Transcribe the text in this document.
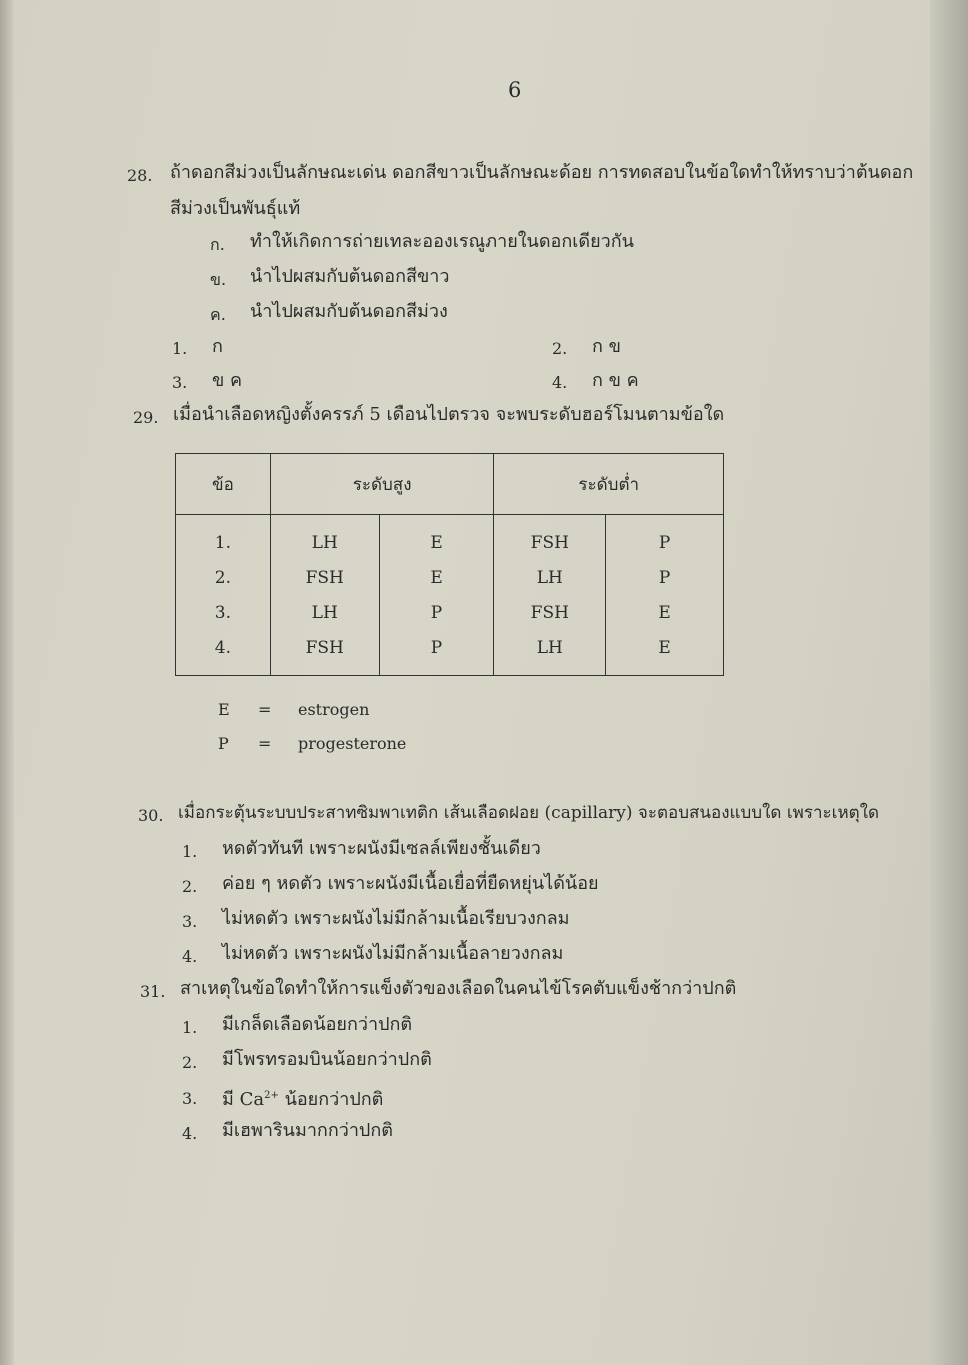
6
28. ถ้าดอกสีม่วงเป็นลักษณะเด่น ดอกสีขาวเป็นลักษณะด้อย การทดสอบในข้อใดทำให้ทราบว่าต้นดอก
สีม่วงเป็นพันธุ์แท้
ก. ทำให้เกิดการถ่ายเทละอองเรณูภายในดอกเดียวกัน
ข. นำไปผสมกับต้นดอกสีขาว
ค. นำไปผสมกับต้นดอกสีม่วง
1. ก	2. ก ข
3. ข ค	4. ก ข ค
29. เมื่อนำเลือดหญิงตั้งครรภ์ 5 เดือนไปตรวจ จะพบระดับฮอร์โมนตามข้อใด
ข้อ	ระดับสูง		ระดับต่ำ	
1.	LH	E	FSH	P
2.	FSH	E	LH	P
3.	LH	P	FSH	E
4.	FSH	P	LH	E
E = estrogen
P = progesterone
30. เมื่อกระตุ้นระบบประสาทซิมพาเทติก เส้นเลือดฝอย (capillary) จะตอบสนองแบบใด เพราะเหตุใด
1. หดตัวทันที เพราะผนังมีเซลล์เพียงชั้นเดียว
2. ค่อย ๆ หดตัว เพราะผนังมีเนื้อเยื่อที่ยืดหยุ่นได้น้อย
3. ไม่หดตัว เพราะผนังไม่มีกล้ามเนื้อเรียบวงกลม
4. ไม่หดตัว เพราะผนังไม่มีกล้ามเนื้อลายวงกลม
31. สาเหตุในข้อใดทำให้การแข็งตัวของเลือดในคนไข้โรคตับแข็งช้ากว่าปกติ
1. มีเกล็ดเลือดน้อยกว่าปกติ
2. มีโพรทรอมบินน้อยกว่าปกติ
3. มี $Ca^{2+}$ น้อยกว่าปกติ
4. มีเฮพารินมากกว่าปกติ
